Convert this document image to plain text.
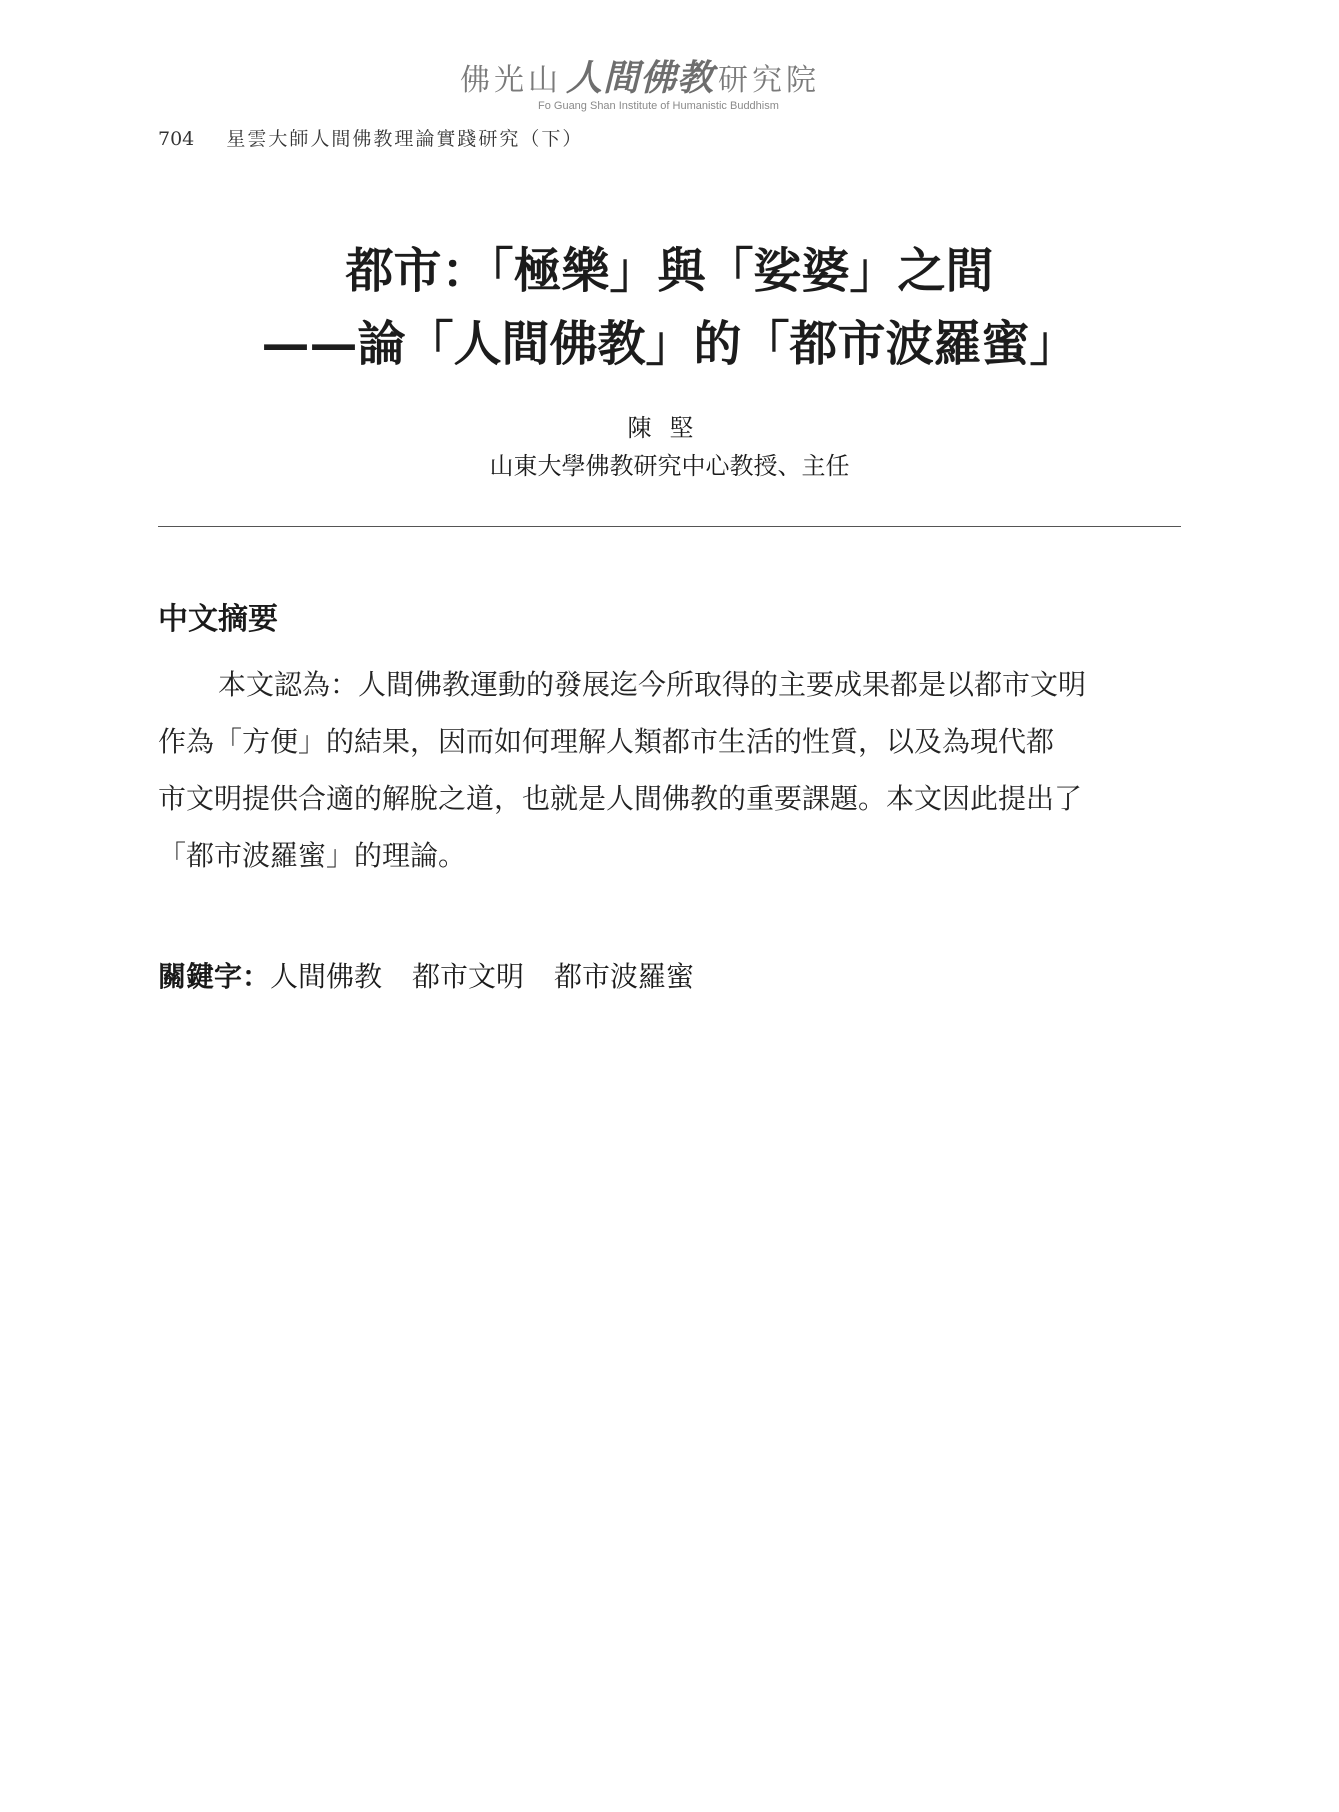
佛光山 人間佛教 研究院
Fo Guang Shan Institute of Humanistic Buddhism
704 星雲大師人間佛教理論實踐研究（下）
都市：「極樂」與「娑婆」之間
——論「人間佛教」的「都市波羅蜜」
陳堅
山東大學佛教研究中心教授、主任
中文摘要
本文認為：人間佛教運動的發展迄今所取得的主要成果都是以都市文明
作為「方便」的結果，因而如何理解人類都市生活的性質，以及為現代都
市文明提供合適的解脫之道，也就是人間佛教的重要課題。本文因此提出了
「都市波羅蜜」的理論。
關鍵字：人間佛教 都市文明 都市波羅蜜
